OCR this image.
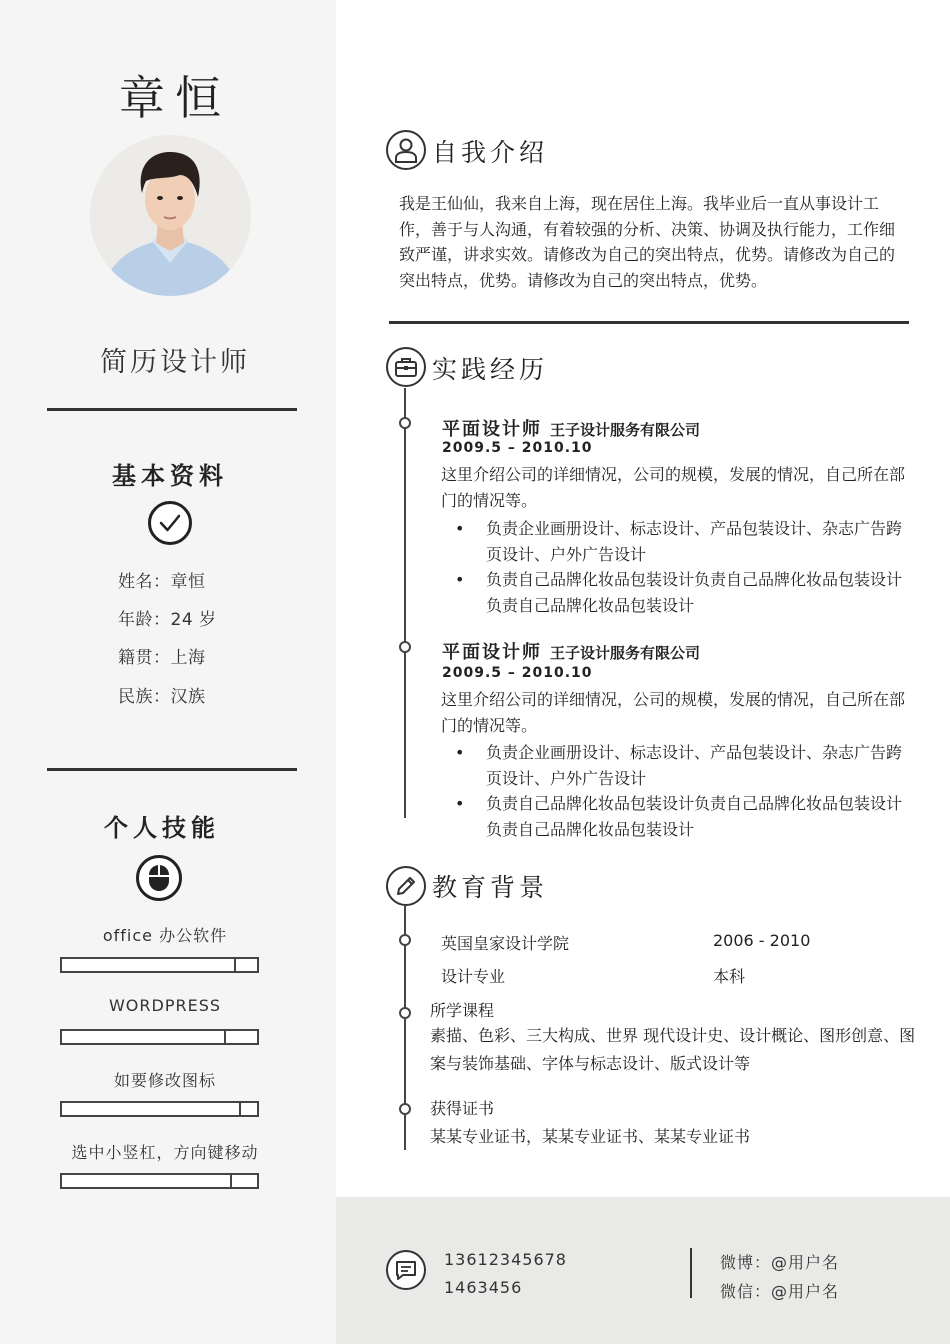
章恒
简历设计师
基本资料
姓名：章恒
年龄：24 岁
籍贯：上海
民族：汉族
个人技能
office 办公软件
WORDPRESS
如要修改图标
选中小竖杠，方向键移动
自我介绍
我是王仙仙，我来自上海，现在居住上海。我毕业后一直从事设计工作，善于与人沟通，有着较强的分析、决策、协调及执行能力，工作细致严谨，讲求实效。请修改为自己的突出特点，优势。请修改为自己的突出特点，优势。请修改为自己的突出特点，优势。
实践经历
平面设计师 王子设计服务有限公司
2009.5 – 2010.10
这里介绍公司的详细情况，公司的规模，发展的情况，自己所在部门的情况等。
• 负责企业画册设计、标志设计、产品包装设计、杂志广告跨页设计、户外广告设计
• 负责自己品牌化妆品包装设计负责自己品牌化妆品包装设计负责自己品牌化妆品包装设计
平面设计师 王子设计服务有限公司
2009.5 – 2010.10
这里介绍公司的详细情况，公司的规模，发展的情况，自己所在部门的情况等。
• 负责企业画册设计、标志设计、产品包装设计、杂志广告跨页设计、户外广告设计
• 负责自己品牌化妆品包装设计负责自己品牌化妆品包装设计负责自己品牌化妆品包装设计
教育背景
英国皇家设计学院	2006 - 2010
设计专业	本科
所学课程
素描、色彩、三大构成、世界 现代设计史、设计概论、图形创意、图案与装饰基础、字体与标志设计、版式设计等
获得证书
某某专业证书，某某专业证书、某某专业证书
13612345678
1463456
微博：@用户名
微信：@用户名
